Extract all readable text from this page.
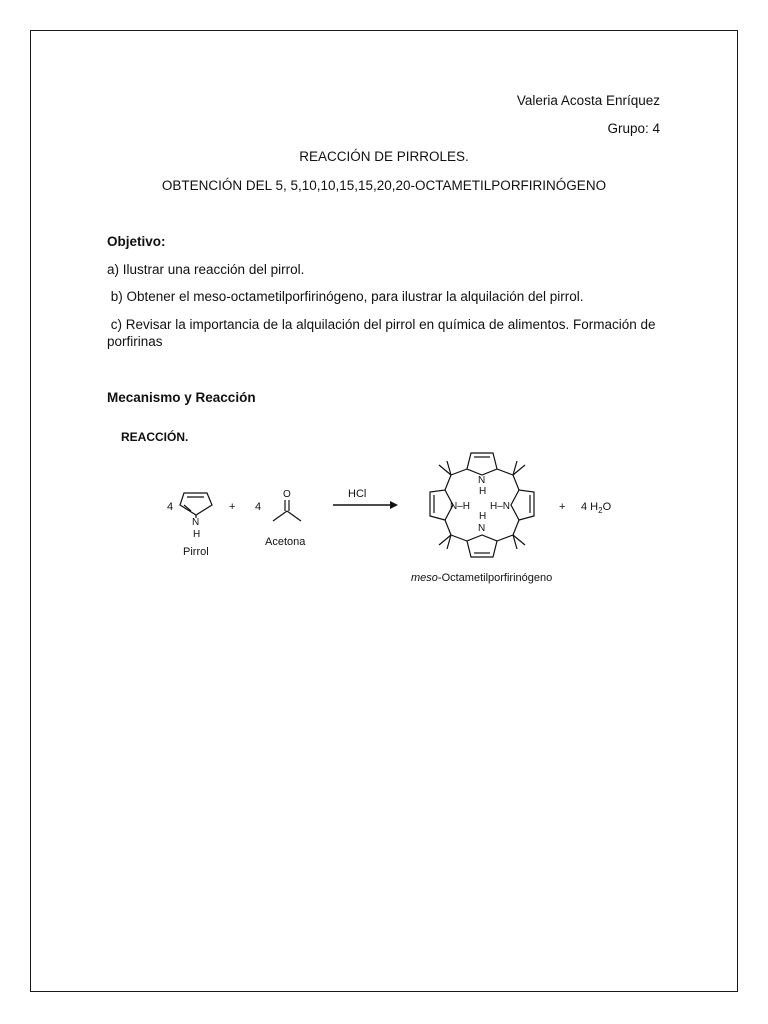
Valeria Acosta Enríquez
Grupo: 4
REACCIÓN DE PIRROLES.
OBTENCIÓN DEL 5, 5,10,10,15,15,20,20-OCTAMETILPORFIRINÓGENO
Objetivo:
a) Ilustrar una reacción del pirrol.
b) Obtener el meso-octametilporfirinógeno, para ilustrar la alquilación del pirrol.
c) Revisar la importancia de la alquilación del pirrol en química de alimentos. Formación de porfirinas
Mecanismo y Reacción
REACCIÓN.
4
N
H
Pirrol
+ 4
O
Acetona
HCl
N
H
H
N
N–H H–N	+ 4 $H_2O$
meso-Octametilporfirinógeno
